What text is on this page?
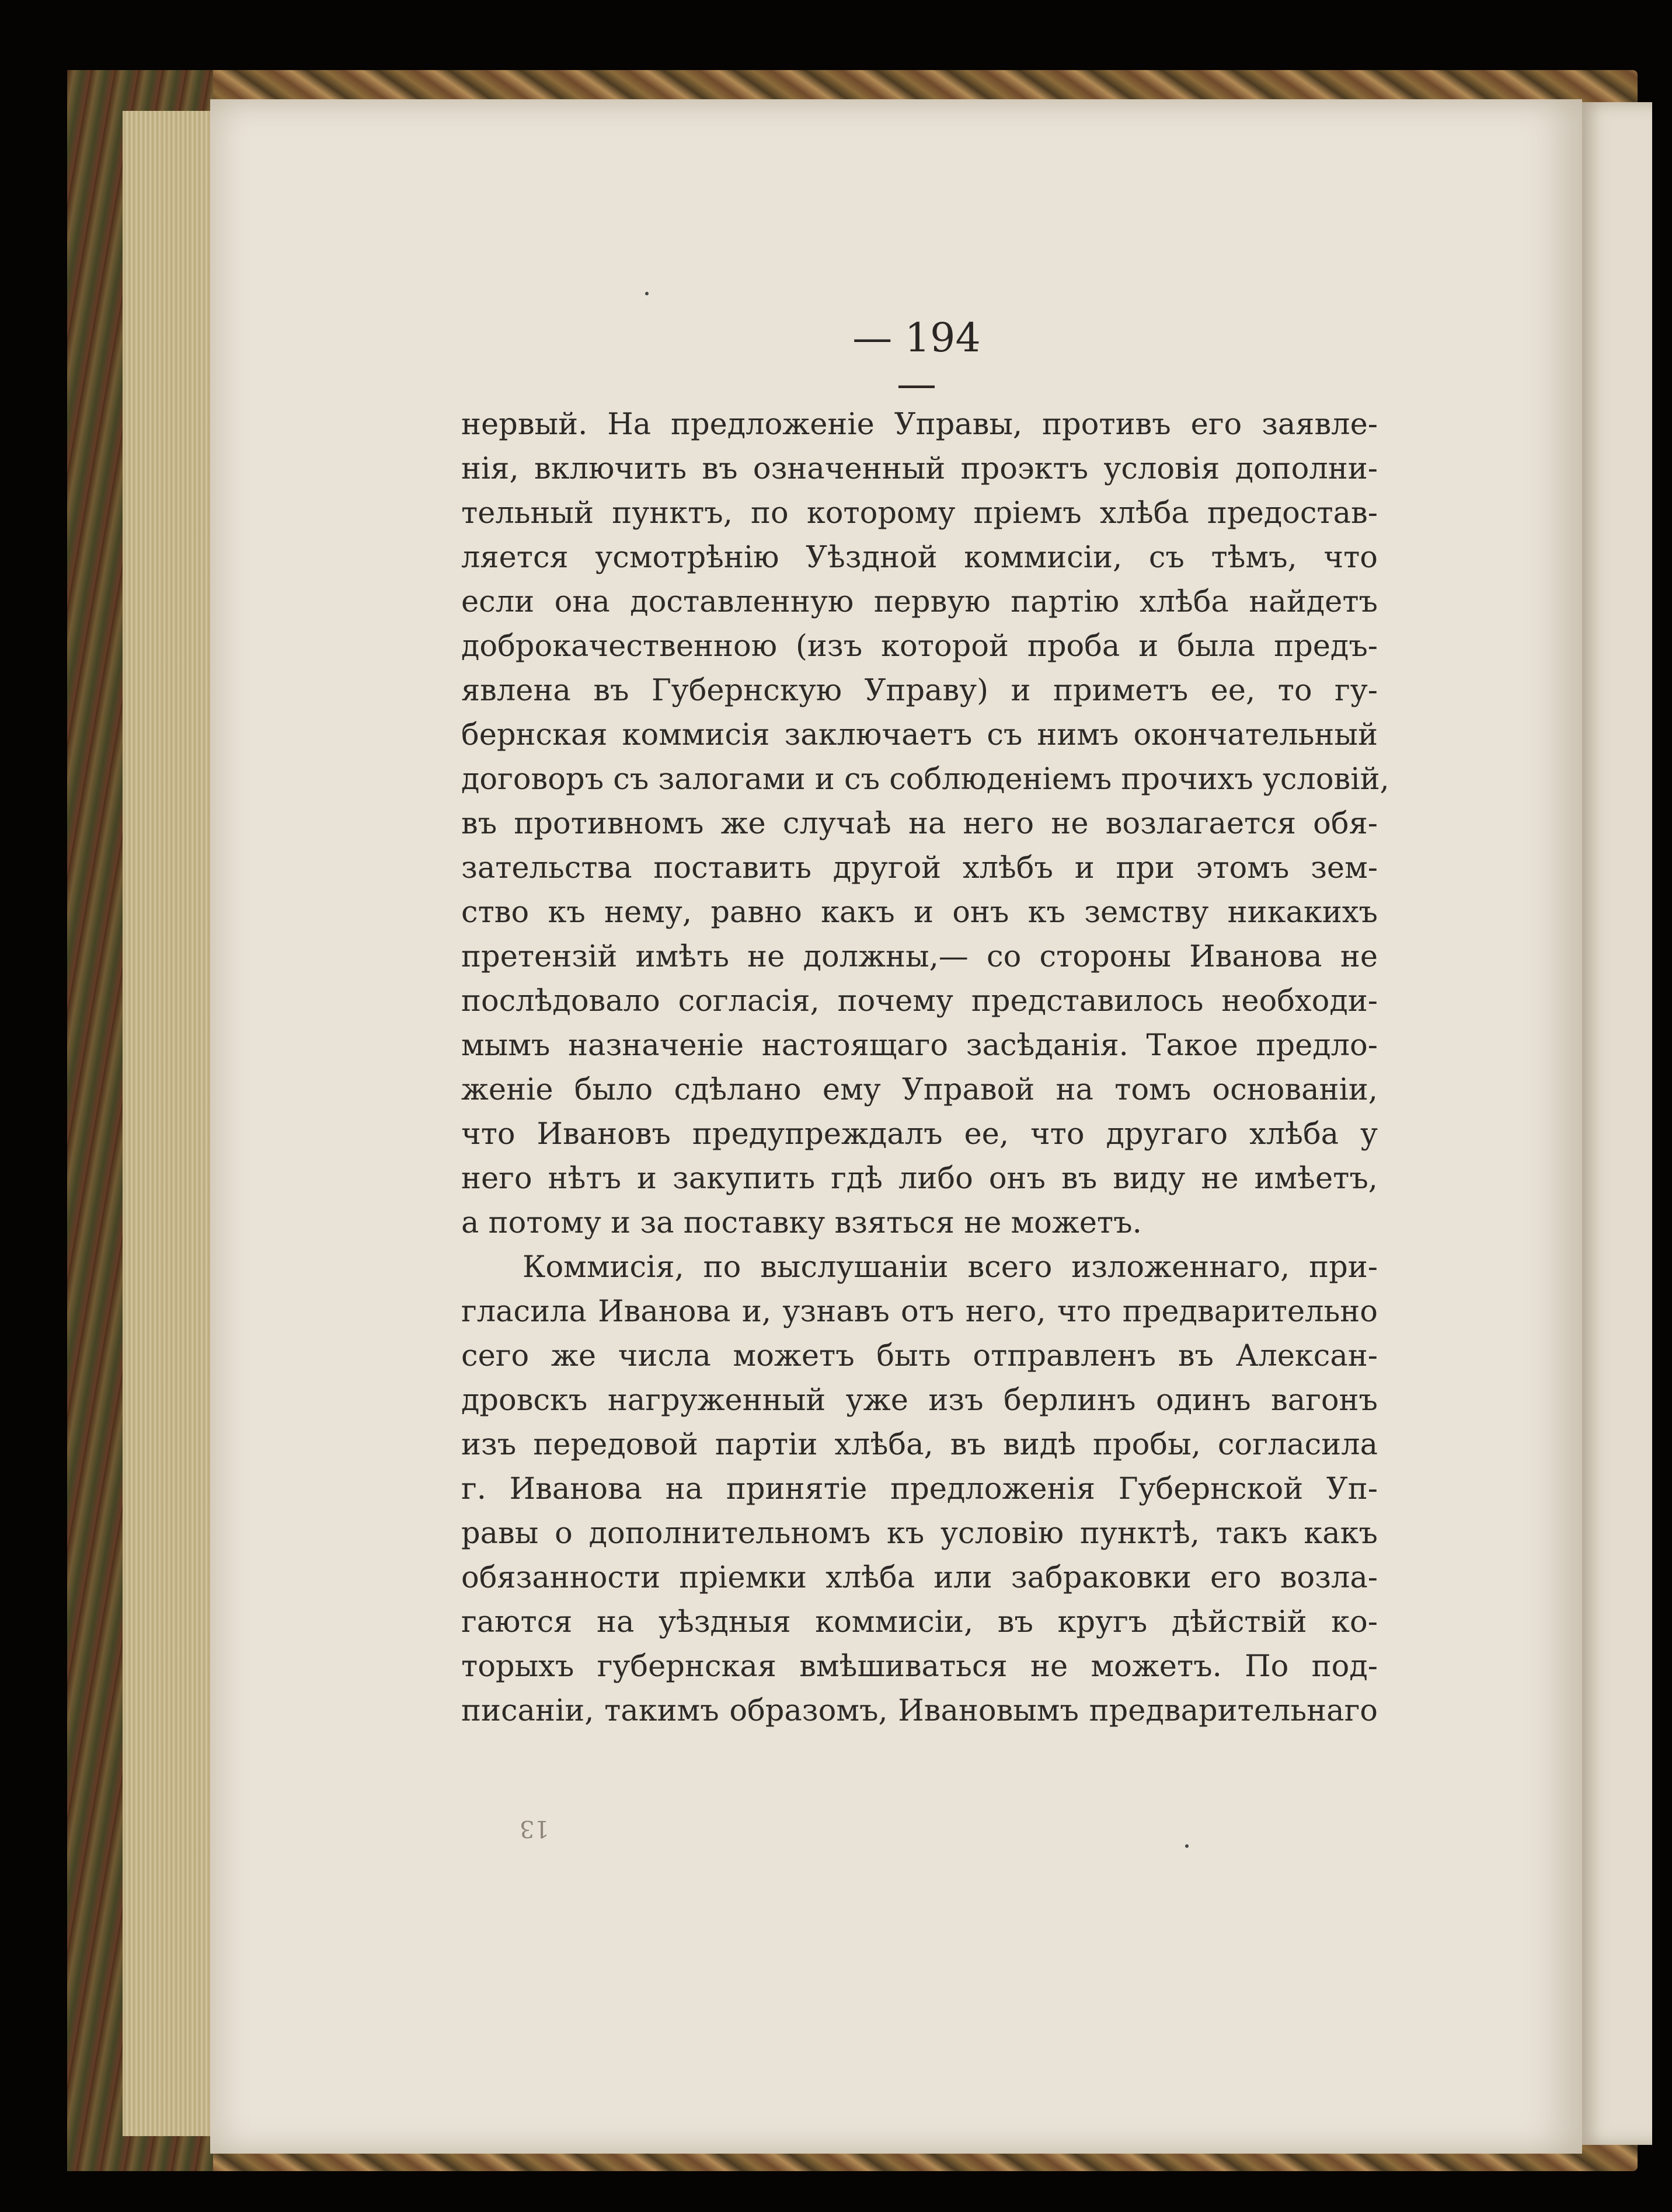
— 194 —
нервый. На предложеніе Управы, противъ его заявле-
нія, включить въ означенный проэктъ условія дополни-
тельный пунктъ, по которому пріемъ хлѣба предостав-
ляется усмотрѣнію Уѣздной коммисіи, съ тѣмъ, что
если она доставленную первую партію хлѣба найдетъ
доброкачественною (изъ которой проба и была предъ-
явлена въ Губернскую Управу) и приметъ ее, то гу-
бернская коммисія заключаетъ съ нимъ окончательный
договоръ съ залогами и съ соблюденіемъ прочихъ условій,
въ противномъ же случаѣ на него не возлагается обя-
зательства поставить другой хлѣбъ и при этомъ зем-
ство къ нему, равно какъ и онъ къ земству никакихъ
претензій имѣть не должны,— со стороны Иванова не
послѣдовало согласія, почему представилось необходи-
мымъ назначеніе настоящаго засѣданія. Такое предло-
женіе было сдѣлано ему Управой на томъ основаніи,
что Ивановъ предупреждалъ ее, что другаго хлѣба у
него нѣтъ и закупить гдѣ либо онъ въ виду не имѣетъ,
а потому и за поставку взяться не можетъ.
Коммисія, по выслушаніи всего изложеннаго, при-
гласила Иванова и, узнавъ отъ него, что предварительно
сего же числа можетъ быть отправленъ въ Алексан-
дровскъ нагруженный уже изъ берлинъ одинъ вагонъ
изъ передовой партіи хлѣба, въ видѣ пробы, согласила
г. Иванова на принятіе предложенія Губернской Уп-
равы о дополнительномъ къ условію пунктѣ, такъ какъ
обязанности пріемки хлѣба или забраковки его возла-
гаются на уѣздныя коммисіи, въ кругъ дѣйствій ко-
торыхъ губернская вмѣшиваться не можетъ. По под-
писаніи, такимъ образомъ, Ивановымъ предварительнаго
13
